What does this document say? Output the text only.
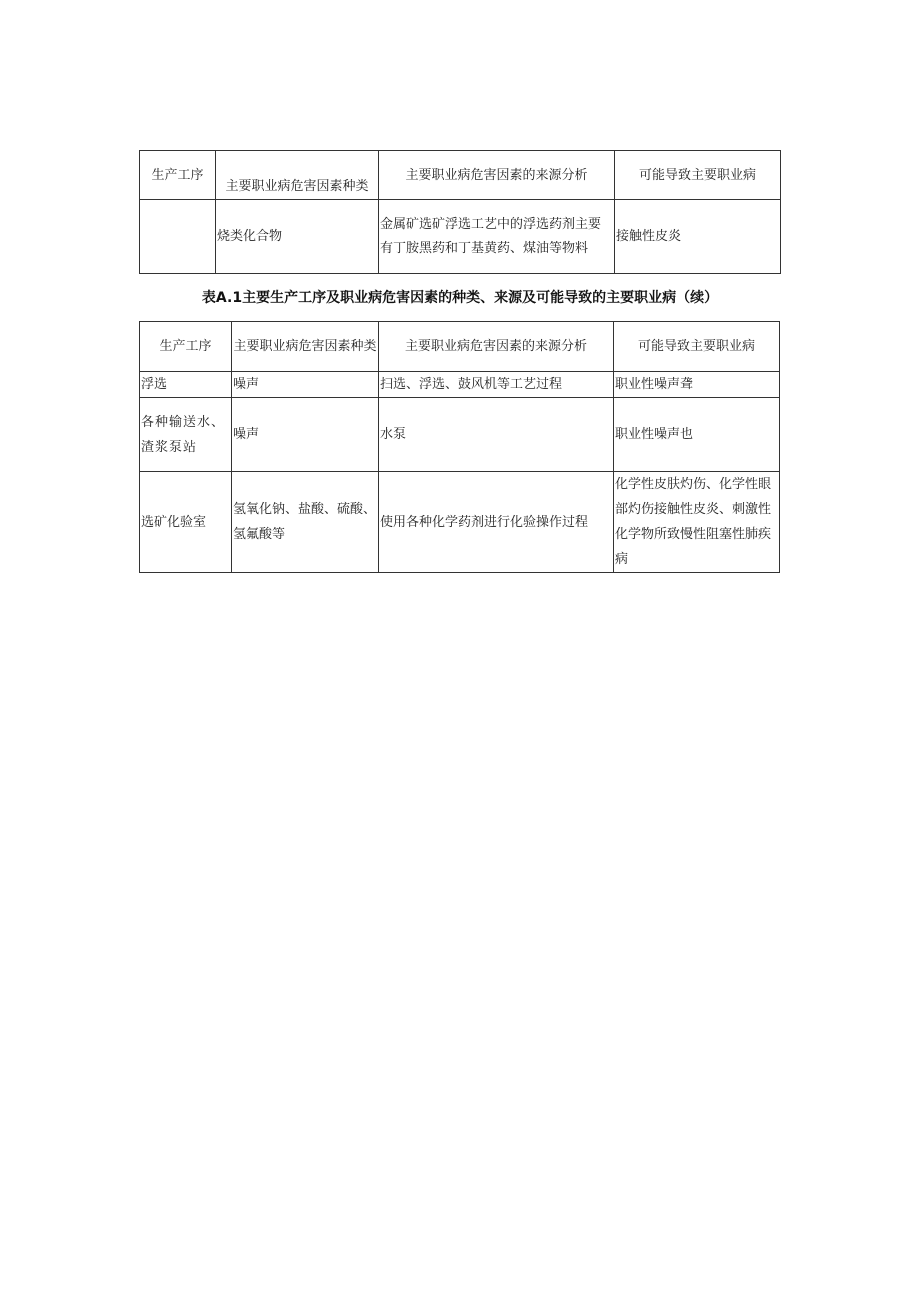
生产工序	主要职业病危害因素种类	主要职业病危害因素的来源分析	可能导致主要职业病
	烧类化合物	金属矿选矿浮选工艺中的浮选药剂主要有丁胺黑药和丁基黄药、煤油等物料	接触性皮炎
表A.1主要生产工序及职业病危害因素的种类、来源及可能导致的主要职业病（续）
生产工序	主要职业病危害因素种类	主要职业病危害因素的来源分析	可能导致主要职业病
浮选	噪声	扫选、浮选、鼓风机等工艺过程	职业性噪声聋
各种输送水、渣浆泵站	噪声	水泵	职业性噪声也
选矿化验室	氢氧化钠、盐酸、硫酸、氢氟酸等	使用各种化学药剂进行化验操作过程	化学性皮肤灼伤、化学性眼部灼伤接触性皮炎、刺激性化学物所致慢性阻塞性肺疾病
